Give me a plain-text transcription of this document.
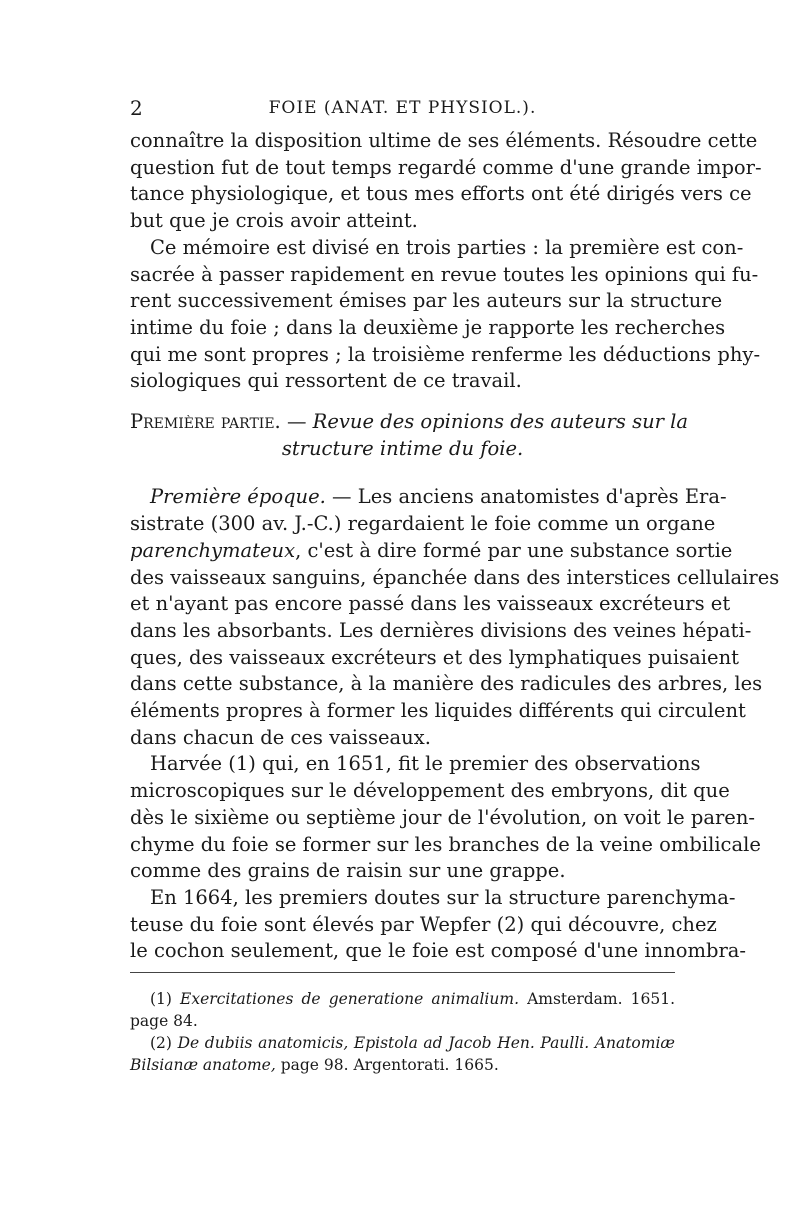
2	FOIE (ANAT. ET PHYSIOL.).

connaître la disposition ultime de ses éléments. Résoudre cette
question fut de tout temps regardé comme d'une grande impor-
tance physiologique, et tous mes efforts ont été dirigés vers ce
but que je crois avoir atteint.

Ce mémoire est divisé en trois parties : la première est con-
sacrée à passer rapidement en revue toutes les opinions qui fu-
rent successivement émises par les auteurs sur la structure
intime du foie ; dans la deuxième je rapporte les recherches
qui me sont propres ; la troisième renferme les déductions phy-
siologiques qui ressortent de ce travail.

Première partie. — Revue des opinions des auteurs sur la
structure intime du foie.

Première époque. — Les anciens anatomistes d'après Era-
sistrate (300 av. J.-C.) regardaient le foie comme un organe
parenchymateux, c'est à dire formé par une substance sortie
des vaisseaux sanguins, épanchée dans des interstices cellulaires
et n'ayant pas encore passé dans les vaisseaux excréteurs et
dans les absorbants. Les dernières divisions des veines hépati-
ques, des vaisseaux excréteurs et des lymphatiques puisaient
dans cette substance, à la manière des radicules des arbres, les
éléments propres à former les liquides différents qui circulent
dans chacun de ces vaisseaux.

Harvée (1) qui, en 1651, fit le premier des observations
microscopiques sur le développement des embryons, dit que
dès le sixième ou septième jour de l'évolution, on voit le paren-
chyme du foie se former sur les branches de la veine ombilicale
comme des grains de raisin sur une grappe.

En 1664, les premiers doutes sur la structure parenchyma-
teuse du foie sont élevés par Wepfer (2) qui découvre, chez
le cochon seulement, que le foie est composé d'une innombra-

(1) Exercitationes de generatione animalium. Amsterdam. 1651.
page 84.
(2) De dubiis anatomicis, Epistola ad Jacob Hen. Paulli. Anatomiæ
Bilsianæ anatome, page 98. Argentorati. 1665.
